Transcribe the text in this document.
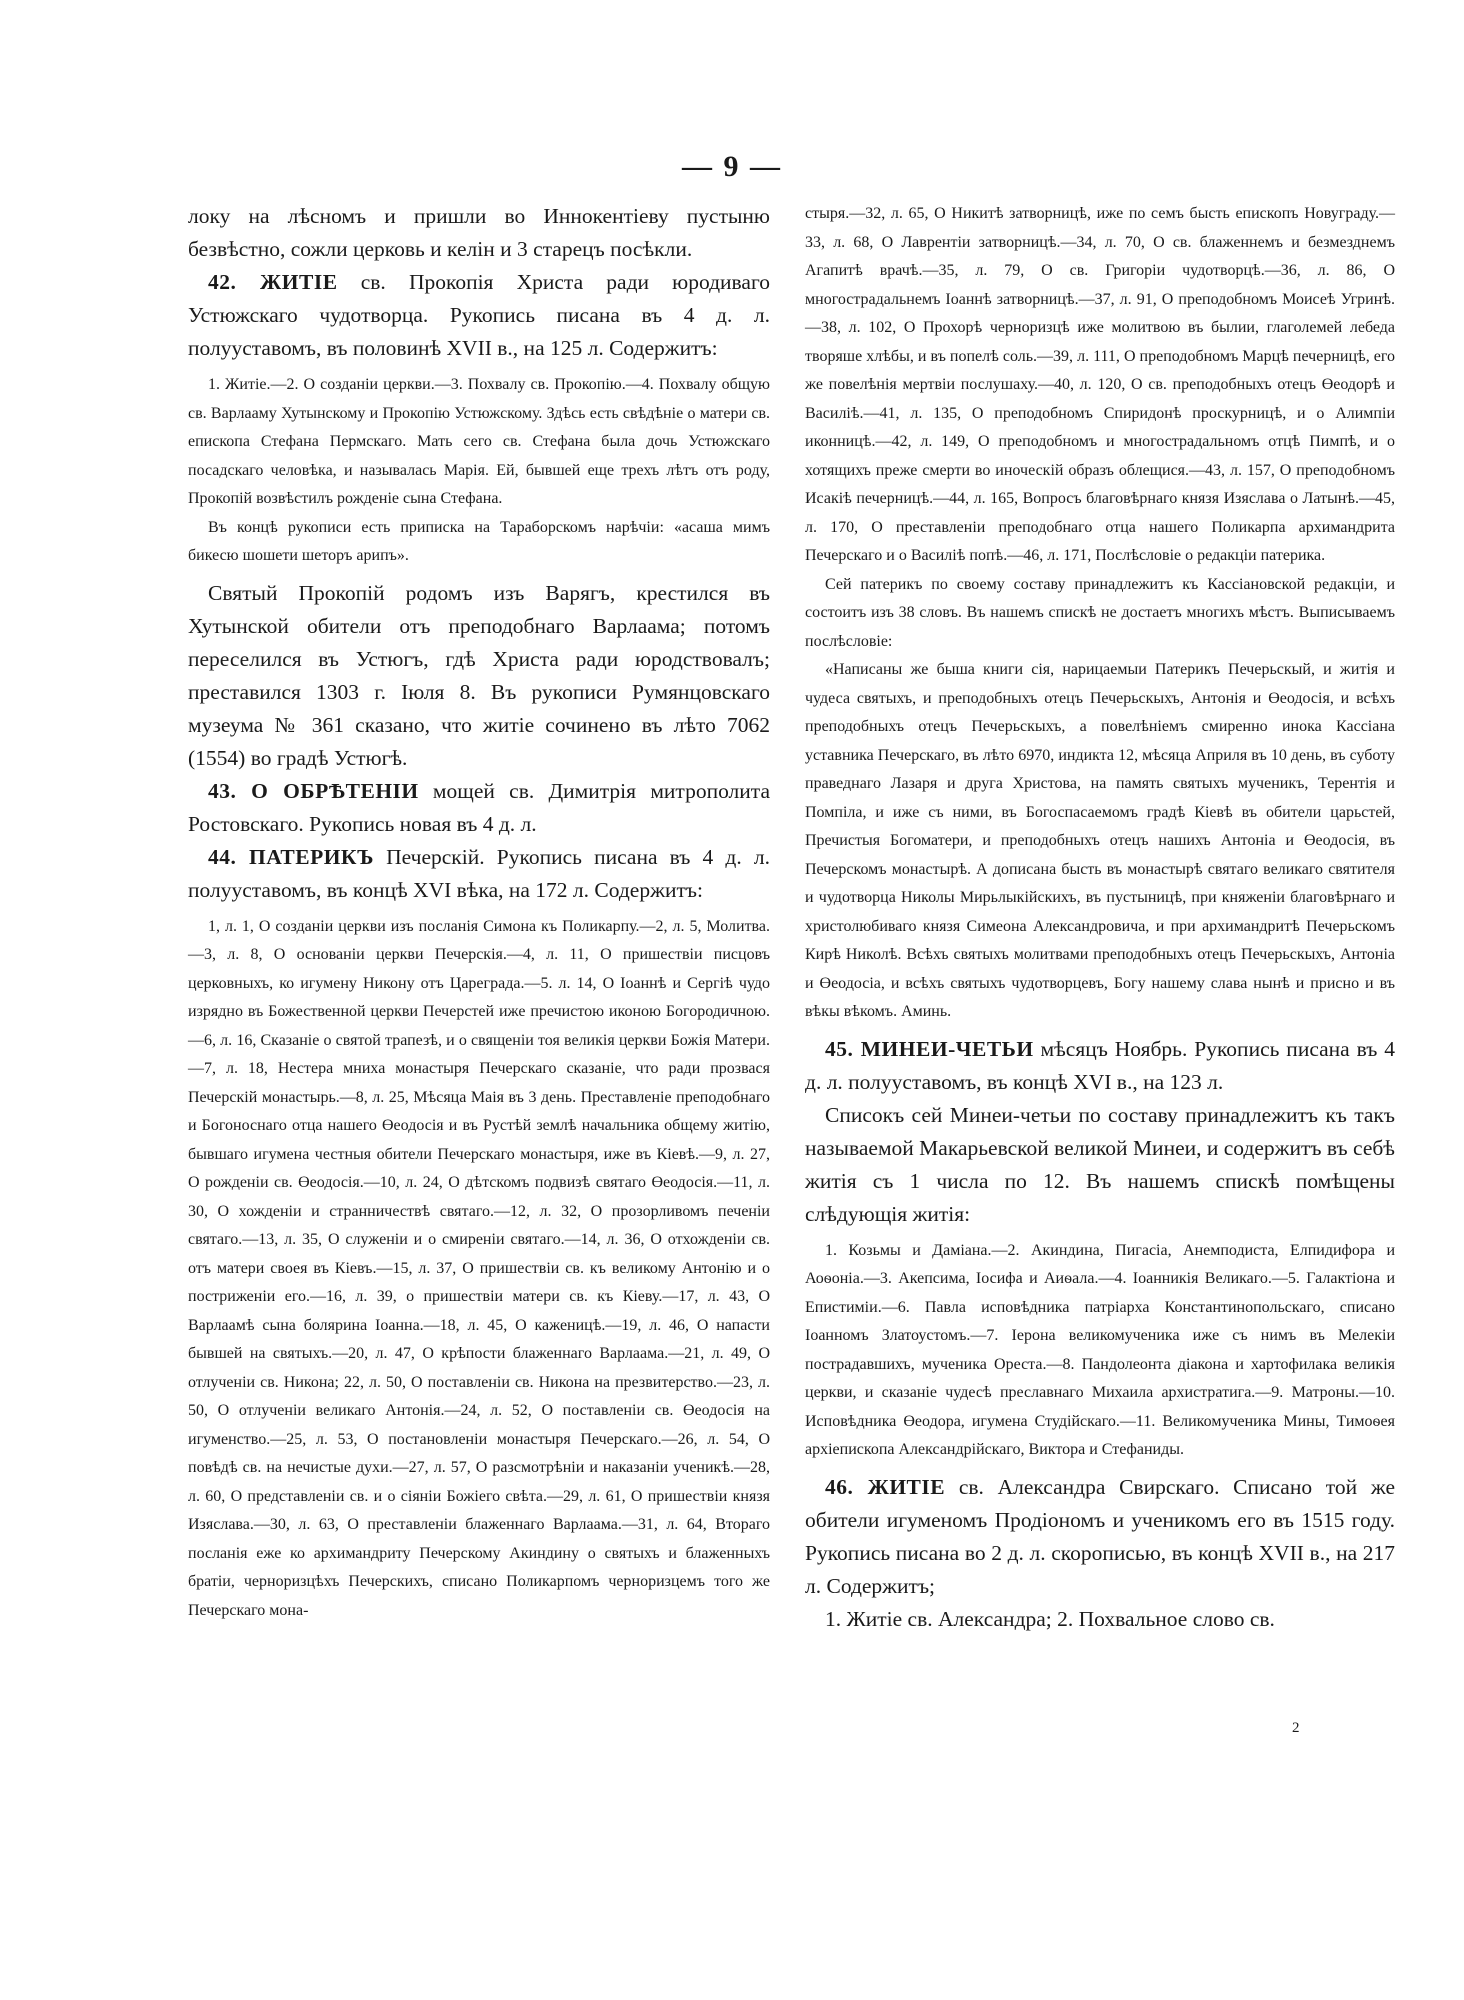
— 9 —

локу на лѣсномъ и пришли во Иннокентіеву пустыню безвѣстно, сожли церковь и келін и 3 старецъ посѣкли.

42. ЖИТІЕ св. Прокопія Христа ради юродиваго Устюжскаго чудотворца. Рукопись писана въ 4 д. л. полууставомъ, въ половинѣ XVII в., на 125 л. Содержитъ:

1. Житіе.—2. О созданіи церкви.—3. Похвалу св. Прокопію.—4. Похвалу общую св. Варлааму Хутынскому и Прокопію Устюжскому. Здѣсь есть свѣдѣніе о матери св. епископа Стефана Пермскаго. Мать сего св. Стефана была дочь Устюжскаго посадскаго человѣка, и называлась Марія. Ей, бывшей еще трехъ лѣтъ отъ роду, Прокопій возвѣстилъ рожденіе сына Стефана.

Въ концѣ рукописи есть приписка на Тараборскомъ нарѣчіи: «асаша мимъ бикесю шошети шеторъ арипъ».

Святый Прокопій родомъ изъ Варягъ, крестился въ Хутынской обители отъ преподобнаго Варлаама; потомъ переселился въ Устюгъ, гдѣ Христа ради юродствовалъ; преставился 1303 г. Іюля 8. Въ рукописи Румянцовскаго музеума № 361 сказано, что житіе сочинено въ лѣто 7062 (1554) во градѣ Устюгѣ.

43. О ОБРѢТЕНІИ мощей св. Димитрія митрополита Ростовскаго. Рукопись новая въ 4 д. л.

44. ПАТЕРИКЪ Печерскій. Рукопись писана въ 4 д. л. полууставомъ, въ концѣ XVI вѣка, на 172 л. Содержитъ:

1, л. 1, О созданіи церкви изъ посланія Симона къ Поликарпу.—2, л. 5, Молитва.—3, л. 8, О основаніи церкви Печерскія.—4, л. 11, О пришествіи писцовъ церковныхъ, ко игумену Никону отъ Цареграда.—5. л. 14, О Іоаннѣ и Сергіѣ чудо изрядно въ Божественной церкви Печерстей иже пречистою иконою Богородичною.—6, л. 16, Сказаніе о святой трапезѣ, и о священіи тоя великія церкви Божія Матери.—7, л. 18, Нестера мниха монастыря Печерскаго сказаніе, что ради прозвася Печерскій монастырь.—8, л. 25, Мѣсяца Маія въ 3 день. Преставленіе преподобнаго и Богоноснаго отца нашего Өеодосія и въ Рустѣй землѣ начальника общему житію, бывшаго игумена честныя обители Печерскаго монастыря, иже въ Кіевѣ.—9, л. 27, О рожденіи св. Өеодосія.—10, л. 24, О дѣтскомъ подвизѣ святаго Өеодосія.—11, л. 30, О хожденіи и странничествѣ святаго.—12, л. 32, О прозорливомъ печеніи святаго.—13, л. 35, О служеніи и о смиреніи святаго.—14, л. 36, О отхожденіи св. отъ матери своея въ Кіевъ.—15, л. 37, О пришествіи св. къ великому Антонію и о постриженіи его.—16, л. 39, о пришествіи матери св. къ Кіеву.—17, л. 43, О Варлаамѣ сына болярина Іоанна.—18, л. 45, О каженицѣ.—19, л. 46, О напасти бывшей на святыхъ.—20, л. 47, О крѣпости блаженнаго Варлаама.—21, л. 49, О отлученіи св. Никона; 22, л. 50, О поставленіи св. Никона на презвитерство.—23, л. 50, О отлученіи великаго Антонія.—24, л. 52, О поставленіи св. Өеодосія на игуменство.—25, л. 53, О постановленіи монастыря Печерскаго.—26, л. 54, О повѣдѣ св. на нечистые духи.—27, л. 57, О разсмотрѣніи и наказаніи ученикѣ.—28, л. 60, О представленіи св. и о сіяніи Божіего свѣта.—29, л. 61, О пришествіи князя Изяслава.—30, л. 63, О преставленіи блаженнаго Варлаама.—31, л. 64, Втораго посланія еже ко архимандриту Печерскому Акиндину о святыхъ и блаженныхъ братіи, черноризцѣхъ Печерскихъ, списано Поликарпомъ черноризцемъ того же Печерскаго мона-

стыря.—32, л. 65, О Никитѣ затворницѣ, иже по семъ бысть епископъ Новуграду.—33, л. 68, О Лаврентіи затворницѣ.—34, л. 70, О св. блаженнемъ и безмезднемъ Агапитѣ врачѣ.—35, л. 79, О св. Григоріи чудотворцѣ.—36, л. 86, О многострадальнемъ Іоаннѣ затворницѣ.—37, л. 91, О преподобномъ Моисеѣ Угринѣ.—38, л. 102, О Прохорѣ черноризцѣ иже молитвою въ былии, глаголемей лебеда творяше хлѣбы, и въ попелѣ соль.—39, л. 111, О преподобномъ Марцѣ печерницѣ, его же повелѣнія мертвіи послушаху.—40, л. 120, О св. преподобныхъ отецъ Өеодорѣ и Василіѣ.—41, л. 135, О преподобномъ Спиридонѣ проскурницѣ, и о Алимпіи иконницѣ.—42, л. 149, О преподобномъ и многострадальномъ отцѣ Пимпѣ, и о хотящихъ преже смерти во иноческій образъ облещися.—43, л. 157, О преподобномъ Исакіѣ печерницѣ.—44, л. 165, Вопросъ благовѣрнаго князя Изяслава о Латынѣ.—45, л. 170, О преставленіи преподобнаго отца нашего Поликарпа архимандрита Печерскаго и о Василіѣ попѣ.—46, л. 171, Послѣсловіе о редакціи патерика.

Сей патерикъ по своему составу принадлежитъ къ Кассіановской редакціи, и состоитъ изъ 38 словъ. Въ нашемъ спискѣ не достаетъ многихъ мѣстъ. Выписываемъ послѣсловіе:

«Написаны же быша книги сія, нарицаемыи Патерикъ Печерьскый, и житія и чудеса святыхъ, и преподобныхъ отецъ Печерьскыхъ, Антонія и Өеодосія, и всѣхъ преподобныхъ отецъ Печерьскыхъ, а повелѣніемъ смиренно инока Кассіана уставника Печерскаго, въ лѣто 6970, индикта 12, мѣсяца Априля въ 10 день, въ суботу праведнаго Лазаря и друга Христова, на память святыхъ мученикъ, Терентія и Помпіла, и иже съ ними, въ Богоспасаемомъ градѣ Кіевѣ въ обители царьстей, Пречистыя Богоматери, и преподобныхъ отецъ нашихъ Антоніа и Өеодосія, въ Печерскомъ монастырѣ. А дописана бысть въ монастырѣ святаго великаго святителя и чудотворца Николы Мирьлыкійскихъ, въ пустыницѣ, при княженіи благовѣрнаго и христолюбиваго князя Симеона Александровича, и при архимандритѣ Печерьскомъ Кирѣ Николѣ. Всѣхъ святыхъ молитвами преподобныхъ отецъ Печерьскыхъ, Антоніа и Өеодосіа, и всѣхъ святыхъ чудотворцевъ, Богу нашему слава нынѣ и присно и въ вѣкы вѣкомъ. Аминь.

45. МИНЕИ-ЧЕТЬИ мѣсяцъ Ноябрь. Рукопись писана въ 4 д. л. полууставомъ, въ концѣ XVI в., на 123 л.

Списокъ сей Минеи-четьи по составу принадлежитъ къ такъ называемой Макарьевской великой Минеи, и содержитъ въ себѣ житія съ 1 числа по 12. Въ нашемъ спискѣ помѣщены слѣдующія житія:

1. Козьмы и Даміана.—2. Акиндина, Пигасіа, Анемподиста, Елпидифора и Аоѳоніа.—3. Акепсима, Іосифа и Аиѳала.—4. Іоанникія Великаго.—5. Галактіона и Епистиміи.—6. Павла исповѣдника патріарха Константинопольскаго, списано Іоанномъ Златоустомъ.—7. Іерона великомученика иже съ нимъ въ Мелекіи пострадавшихъ, мученика Ореста.—8. Пандолеонта діакона и хартофилака великія церкви, и сказаніе чудесѣ преславнаго Михаила архистратига.—9. Матроны.—10. Исповѣдника Өеодора, игумена Студійскаго.—11. Великомученика Мины, Тимоѳея архіепископа Александрійскаго, Виктора и Стефаниды.

46. ЖИТІЕ св. Александра Свирскаго. Списано той же обители игуменомъ Продіономъ и ученикомъ его въ 1515 году. Рукопись писана во 2 д. л. скорописью, въ концѣ XVII в., на 217 л. Содержитъ;

1. Житіе св. Александра; 2. Похвальное слово св.

2
